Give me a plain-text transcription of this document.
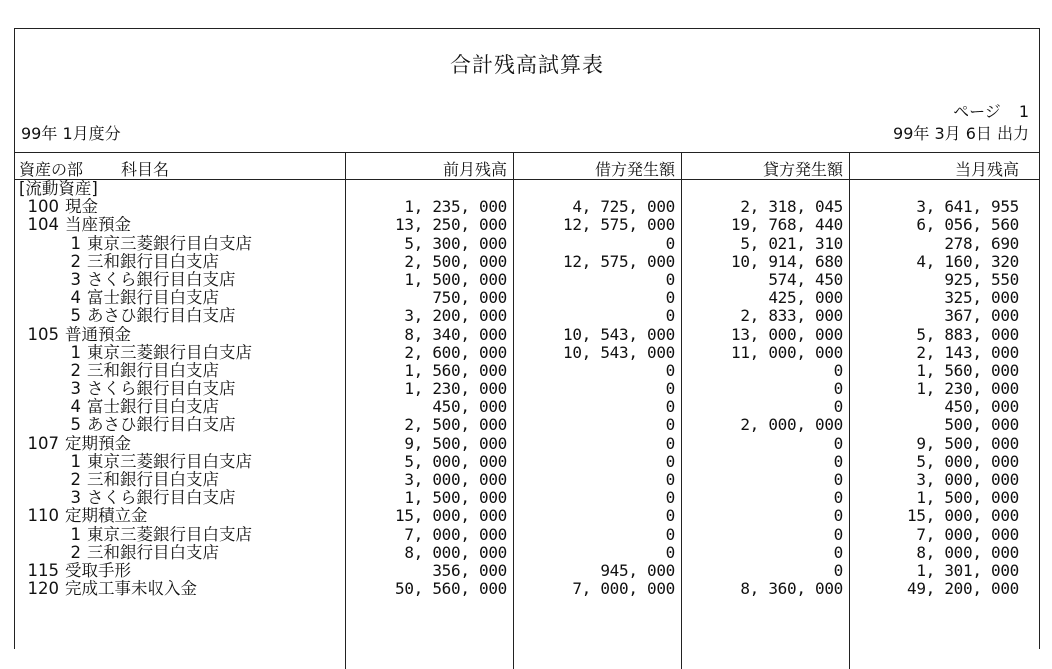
合計残高試算表
99年 1月度分
ページ 1
99年 3月 6日 出力
資産の部 科目名	前月残高	借方発生額	貸方発生額	当月残高
[流動資産]
100 現金	1, 235, 000	4, 725, 000	2, 318, 045	3, 641, 955
104 当座預金	13, 250, 000	12, 575, 000	19, 768, 440	6, 056, 560
1 東京三菱銀行目白支店	5, 300, 000	0	5, 021, 310	278, 690
2 三和銀行目白支店	2, 500, 000	12, 575, 000	10, 914, 680	4, 160, 320
3 さくら銀行目白支店	1, 500, 000	0	574, 450	925, 550
4 富士銀行目白支店	750, 000	0	425, 000	325, 000
5 あさひ銀行目白支店	3, 200, 000	0	2, 833, 000	367, 000
105 普通預金	8, 340, 000	10, 543, 000	13, 000, 000	5, 883, 000
1 東京三菱銀行目白支店	2, 600, 000	10, 543, 000	11, 000, 000	2, 143, 000
2 三和銀行目白支店	1, 560, 000	0	0	1, 560, 000
3 さくら銀行目白支店	1, 230, 000	0	0	1, 230, 000
4 富士銀行目白支店	450, 000	0	0	450, 000
5 あさひ銀行目白支店	2, 500, 000	0	2, 000, 000	500, 000
107 定期預金	9, 500, 000	0	0	9, 500, 000
1 東京三菱銀行目白支店	5, 000, 000	0	0	5, 000, 000
2 三和銀行目白支店	3, 000, 000	0	0	3, 000, 000
3 さくら銀行目白支店	1, 500, 000	0	0	1, 500, 000
110 定期積立金	15, 000, 000	0	0	15, 000, 000
1 東京三菱銀行目白支店	7, 000, 000	0	0	7, 000, 000
2 三和銀行目白支店	8, 000, 000	0	0	8, 000, 000
115 受取手形	356, 000	945, 000	0	1, 301, 000
120 完成工事未収入金	50, 560, 000	7, 000, 000	8, 360, 000	49, 200, 000
